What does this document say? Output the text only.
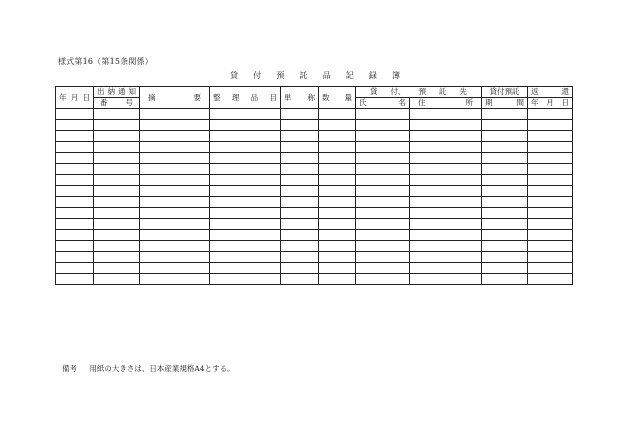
様式第16（第15条関係）
貸 付 預 託 品 記 録 簿
年 月 日	出 納 通 知	摘 要	整 理 品 目	単 称	数 量	貸 付、 預 託 先		貸付預託	返 還

	番 号					氏 名	住 所	期 間	年 月 日

備考 用紙の大きさは、日本産業規格A4とする。
